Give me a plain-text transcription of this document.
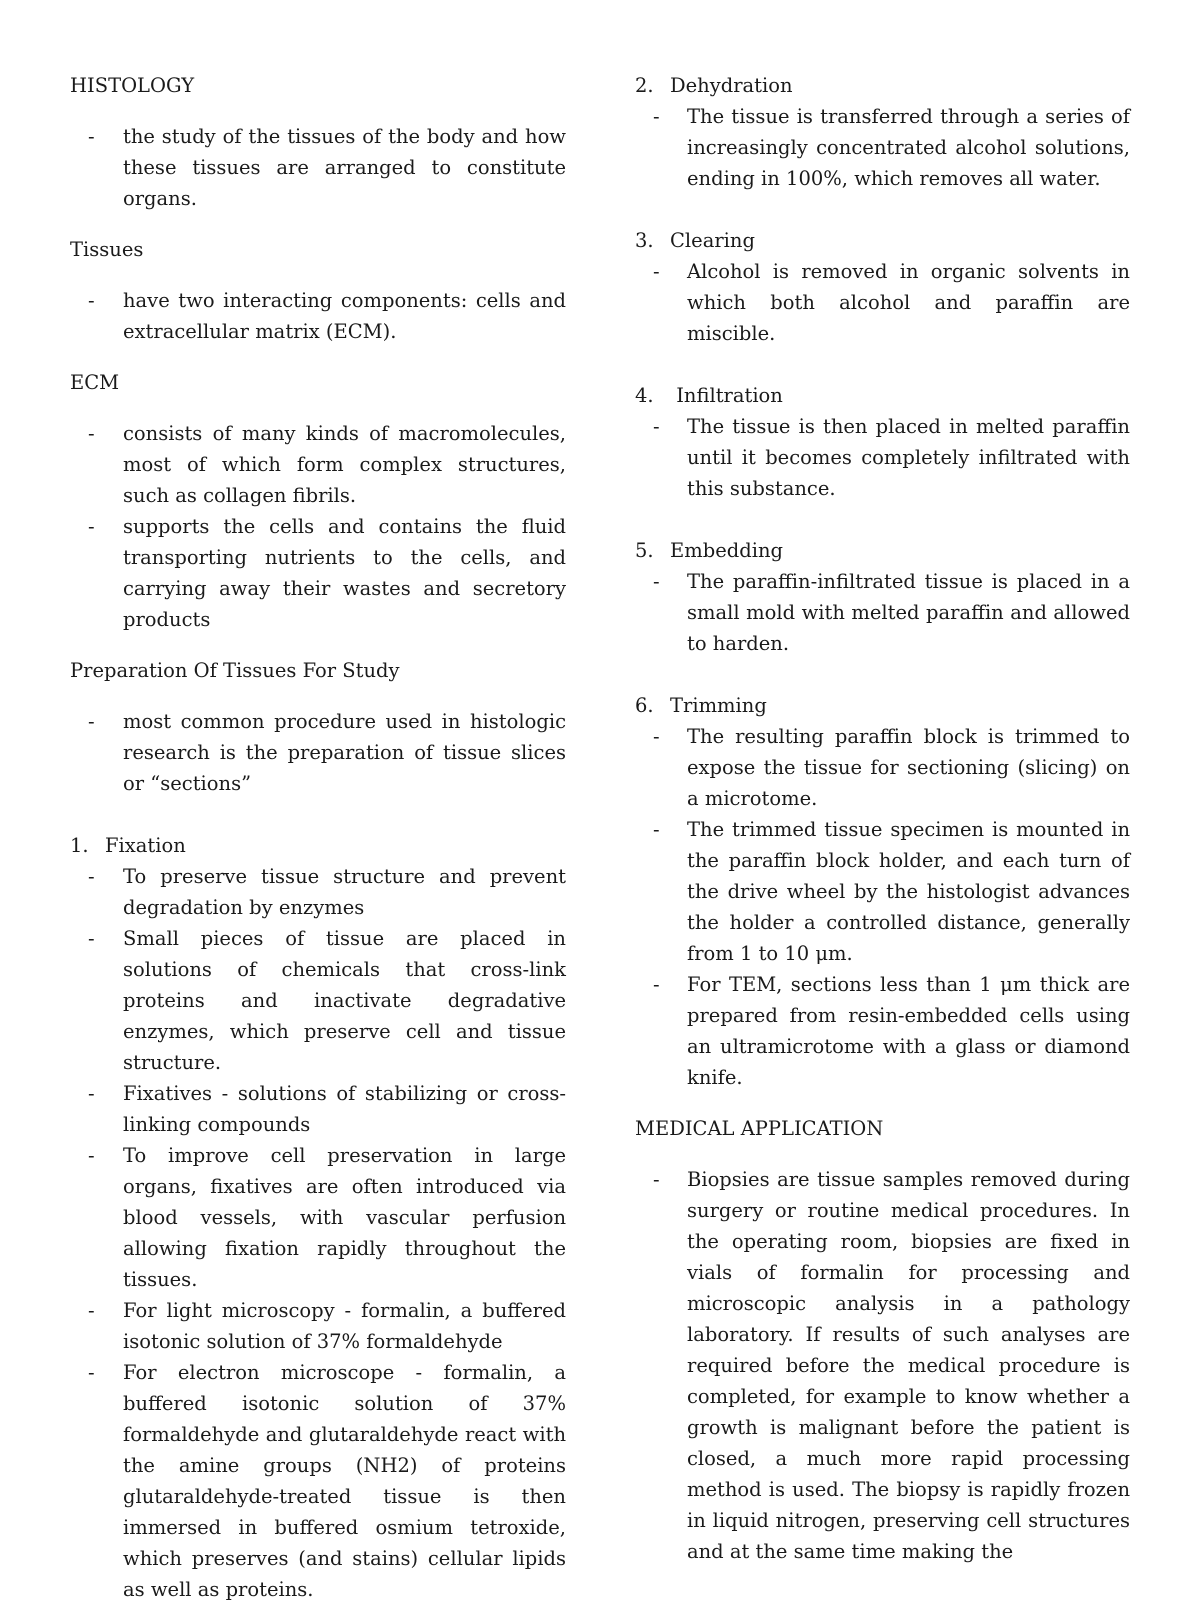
HISTOLOGY

- the study of the tissues of the body and how these tissues are arranged to constitute organs.

Tissues

- have two interacting components: cells and extracellular matrix (ECM).

ECM

- consists of many kinds of macromolecules, most of which form complex structures, such as collagen fibrils.
- supports the cells and contains the fluid transporting nutrients to the cells, and carrying away their wastes and secretory products

Preparation Of Tissues For Study

- most common procedure used in histologic research is the preparation of tissue slices or “sections”

1. Fixation

- To preserve tissue structure and prevent degradation by enzymes
- Small pieces of tissue are placed in solutions of chemicals that cross-link proteins and inactivate degradative enzymes, which preserve cell and tissue structure.
- Fixatives - solutions of stabilizing or cross-linking compounds
- To improve cell preservation in large organs, fixatives are often introduced via blood vessels, with vascular perfusion allowing fixation rapidly throughout the tissues.
- For light microscopy - formalin, a buffered isotonic solution of 37% formaldehyde
- For electron microscope - formalin, a buffered isotonic solution of 37% formaldehyde and glutaraldehyde react with the amine groups (NH2) of proteins glutaraldehyde-treated tissue is then immersed in buffered osmium tetroxide, which preserves (and stains) cellular lipids as well as proteins.

2. Dehydration

- The tissue is transferred through a series of increasingly concentrated alcohol solutions, ending in 100%, which removes all water.

3. Clearing

- Alcohol is removed in organic solvents in which both alcohol and paraffin are miscible.

4. Infiltration

- The tissue is then placed in melted paraffin until it becomes completely infiltrated with this substance.

5. Embedding

- The paraffin-infiltrated tissue is placed in a small mold with melted paraffin and allowed to harden.

6. Trimming

- The resulting paraffin block is trimmed to expose the tissue for sectioning (slicing) on a microtome.
- The trimmed tissue specimen is mounted in the paraffin block holder, and each turn of the drive wheel by the histologist advances the holder a controlled distance, generally from 1 to 10 μm.
- For TEM, sections less than 1 μm thick are prepared from resin-embedded cells using an ultramicrotome with a glass or diamond knife.

MEDICAL APPLICATION

- Biopsies are tissue samples removed during surgery or routine medical procedures. In the operating room, biopsies are fixed in vials of formalin for processing and microscopic analysis in a pathology laboratory. If results of such analyses are required before the medical procedure is completed, for example to know whether a growth is malignant before the patient is closed, a much more rapid processing method is used. The biopsy is rapidly frozen in liquid nitrogen, preserving cell structures and at the same time making the
